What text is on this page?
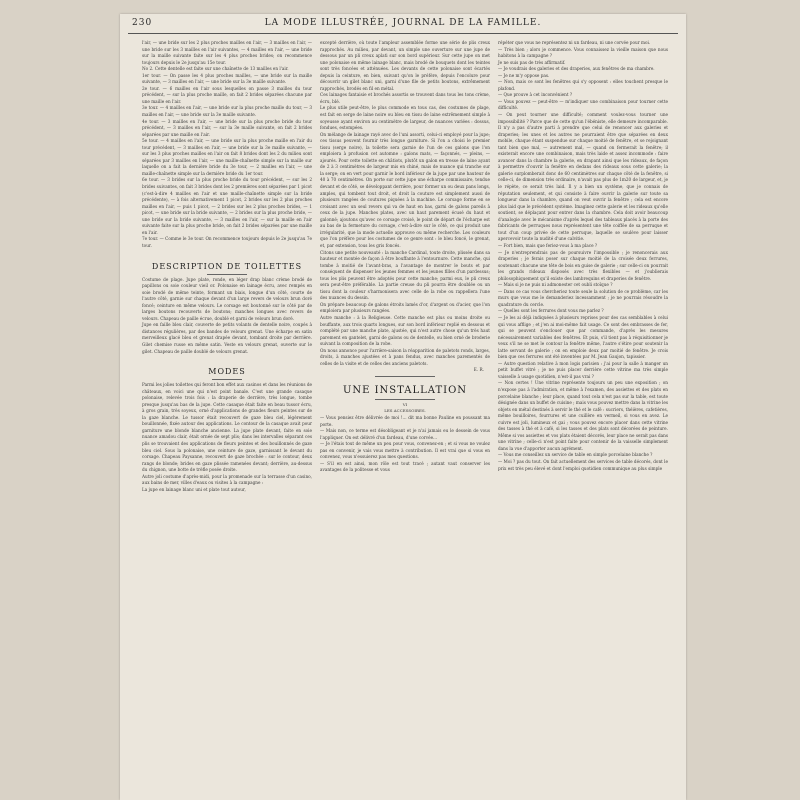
230	LA MODE ILLUSTRÉE, JOURNAL DE LA FAMILLE.

l'air, — une bride sur les 2 plus proches mailles en l'air, — 3 mailles en l'air, — une bride sur les 3 mailles en l'air suivantes, — 4 mailles en l'air, — une bride sur la maille suivante faite sur les 4 plus proches brides; on recommence toujours depuis le 2e jusqu'au 15e tour.

No 2. Cette dentelle est faite sur une chaînette de 13 mailles en l'air.

1er tour. — On passe les 4 plus proches mailles, — une bride sur la maille suivante, — 3 mailles en l'air, — une bride sur la 3e maille suivante.

2e tour. — 6 mailles en l'air sous lesquelles on passe 3 mailles du tour précédent, — sur la plus proche maille, on fait 2 brides séparées chacune par une maille en l'air.

3e tour. — 4 mailles en l'air, — une bride sur la plus proche maille du tour, — 3 mailles en l'air, — une bride sur la 3e maille suivante.

4e tour. — 3 mailles en l'air, — une bride sur la plus proche bride du tour précédent, — 3 mailles en l'air, — sur la 3e maille suivante, on fait 2 brides séparées par une maille en l'air.

5e tour. — 4 mailles en l'air, — une bride sur la plus proche maille en l'air du tour précédent, — 3 mailles en l'air, — une bride sur la 3e maille suivante, — sur les 3 plus proches mailles en l'air on fait 8 brides dont les 2 du milieu sont séparées par 3 mailles en l'air, — une maille-chaînette simple sur la maille sur laquelle on a fait la dernière bride du 3e tour, — 2 mailles en l'air, — une maille-chaînette simple sur la dernière bride du 1er tour.

6e tour. — 3 brides sur la plus proche bride du tour précédent, — sur les 2 brides suivantes, on fait 3 brides dont les 2 premières sont séparées par 1 picot (c'est-à-dire 4 mailles en l'air et une maille-chaînette simple sur la bride précédente), — à fois alternativement 1 picot, 2 brides sur les 2 plus proches mailles en l'air, — puis 1 picot, — 2 brides sur les 2 plus proches brides, — 1 picot, — une bride sur la bride suivante, — 2 brides sur la plus proche bride, — une bride sur la bride suivante, — 3 mailles en l'air, — sur la maille en l'air suivante faite sur la plus proche bride, on fait 2 brides séparées par une maille en l'air.

7e tour. — Comme le 3e tour. On recommence toujours depuis le 2e jusqu'au 7e tour.

DESCRIPTION DE TOILETTES

Costume de plage. Jupe plate, ronde, en léger drap blanc crème brodé de papillons ou soie couleur vieil or. Polonaise en lainage écru, avec rempés en soie brodé de même teinte, formant un biais, longue d'un côté, courte de l'autre côté, garnie sur chaque devant d'un large revers de velours brun doré foncé; ceinture en même velours. Le corsage est boutonné sur le côté par de larges boutons recouverts de boutons; manches longues avec revers de velours. Chapeau de paille écrue, doublé et garni de velours brun doré.

Jupe en faille bleu clair, couverte de petits volants de dentelle noire, coupés à distances régulières, par des bandes de velours grenat. Une écharpe en satin merveilleux glacé bleu et grenat drapée devant, tombant droite par derrière. Gilet chemise russe en même satin. Veste en velours grenat, ouverte sur le gilet. Chapeau de paille doublé de velours grenat.

MODES

Parmi les jolies toilettes qui feront bon effet aux casinos et dans les réunions de châteaux, en voici une qui n'est point banale. C'est une grande casaque polonaise, relevée trois fois : la draperie de derrière, très longue, tombe presque jusqu'au bas de la jupe. Cette casaque était faite en beau tussor écru, à gros grain, très soyeux, orné d'applications de grandes fleurs peintes sur de la gaze blanche. Le tussor était recouvert de gaze bleu ciel, légèrement bouillonnée, fixée autour des applications. Le contour de la casaque avait pour garniture une blonde blanche ancienne. La jupe plate devant, faite en soie nuance amadou clair, était ornée de sept plis; dans les intervalles séparant ces plis se trouvaient des applications de fleurs peintes et des bouillonnés de gaze bleu ciel. Sous la polonaise, une ceinture de gaze, garnissant le devant du corsage. Chapeau Paysanne, recouvert de gaze brochée : sur le contour, deux rangs de blonde; brides en gaze plissée ramenées devant; derrière, au-dessus du chignon, une botte de trèfle posée droite.

Autre joli costume d'après-midi, pour la promenade sur la terrasse d'un casino, aux bains de mer, villes d'eaux ou visites à la campagne :

La jupe en lainage blanc uni et plate tout autour,

excepté derrière, où toute l'ampleur assemblée forme une série de plis creux rapprochés. Au milieu, par devant, un simple une ouverture sur une jupe de dessous par un pli creux aplati sur son bord supérieur. Sur cette jupe on met une polonaise en même lainage blanc, mais brodé de bouquets dont les teintes sont très foncées et atténuées. Les devants de cette polonaise sont écartés depuis la ceinture, en bien, suivant qu'on le préfère, depuis l'encolure pour découvrir un gilet blanc uni, garni d'une file de petits boutons, extrêmement rapprochés, brodés en fil en métal.

Ces lainages fantaisie et brochés assortis se trouvent dans tous les tons crème, écru, blé.

Le plus utile peut-être, le plus commode en tous cas, des costumes de plage, est fait en serge de laine noire ou bleu en tissu de laine extrêmement simple à soyeusse ayant environ au centimètre de largeur, de nuances variées : dossus, fondues, estompées.

On mélange de lainage rayé avec de l'uni assorti, celui-ci employé pour la jupe; ces tissus peuvent fournir très longue garniture. Si l'on a choisi le premier tissu (serge noire), la toilette sera garnie de l'un de ces galons que l'on emploiera à profusion cet automne : galons mats, — façonnés, — pleins, — ajourés. Pour cette toilette en châtiots, plutôt un galon en tresse de laine ayant de 2 à 3 centimètres de largeur mis en chiné, mais de nuance qui tranche sur la serge; on en vert pour garnir le bord inférieur de la jupe par une hauteur de 40 à 70 centimètres. On porte sur cette jupe une écharpe commissaire, tendue devant et de côté, se développant derrière, pour former un ou deux pans longs, amples, qui tombent tout droit, et droit la couture est simplement aussi de plusieurs rangées de coutures piquées à la machine. Le corsage forme en se croisant avec un seul revers qui va de haut en bas, garni de galons pareils à ceux de la jupe. Manches plates, avec un haut parement écusé du haut et galonné; ajoutons qu'avec ce corsage croisé, le point de départ de l'écharpe est au bas de la fermeture du corsage, c'est-à-dire sur le côté, ce qui produit une irrégularité, que la mode actuelle approuve ou même recherche. Les couleurs que l'on préfère pour les costumes de ce genre sont : le bleu foncé, le grenat, et, par extension, tous les gris foncés.

Citons une petite nouveauté : la manche Cardinal, toute droite, plissée dans sa hauteur et montée de façon à être bouffante à l'entournure. Cette manche, qui tombe à moitié de l'avant-bras, a l'avantage de montrer le bouts et par conséquent de dispenser les jeunes femmes et les jeunes filles d'un pardessus; tous les plis peuvent être adoptés pour cette manche; parmi eux, le pli creux sera peut-être préférable. La partie creuse du pli pourra être doublée ou un tissu dont la couleur s'harmonisera avec celle de la robe ou rappellera l'une des nuances du dessin.

On prépare beaucoup de galons étroits lamés d'or, d'argent ou d'acier, que l'on emploiera par plusieurs rangées.

Autre manche : à la Religieuse. Cette manche est plus ou moins droite ou bouffante, aux trois quarts longues, sur son bord inférieur replié en dessous et complété par une manche plate, ajustée, qui n'est autre chose qu'un très haut parement en gantelet, garni de galons ou de dentelle, ou bien orné de broderie suivant la composition de la robe.

On nous annonce pour l'arrière-saison la réapparition de paletots ronds, larges, droits, à manches ajustées et à pans fendus, avec manches parementés de celles de la visite et de celles des anciens paletots.

E. R.

UNE INSTALLATION

VI

LES ACCESSOIRES.

— Vous pensiez être délivrée de moi !... dit ma bonne Pauline en poussant ma porte.

— Mais non, ce terme est désobligeant et je n'ai jamais eu le dessein de vous l'appliquer. On est délivré d'un fardeau, d'une corvée...

— Je l'étais tout de même un peu pour vous, convenez-en ; et si vous ne voulez pas en convenir, je vais vous mettre à contribution. Il est vrai que si vous en convenez, vous n'essuierez pas mes questions.

— S'il en est ainsi, mon rôle est tout tracé ; autant vaut conserver les avantages de la politesse et vous

répéter que vous ne représentez ni un fardeau, ni une corvée pour moi.

— Très bien ; alors je commence. Vous connaissez la vieille maison que nous habitons à la campagne ?

Je ne suis pas de très affirmatif.

— Je voudrais des galeries et des draperies, aux fenêtres de ma chambre.

— Je ne m'y oppose pas.

— Non, mais ce sont les fenêtres qui s'y opposent : elles touchent presque le plafond.

— Que prouve à cet inconvénient ?

— Vous pouvez — peut-être — m'indiquer une combinaison pour tourner cette difficulté.

— On peut tourner une difficulté; comment voulez-vous tourner une impossibilité ? Parce que de cette qu'un l'ébéniste, elle demeure incomparable. Il n'y a pas d'autre parti à prendre que celui de renoncer aux galeries et draperies; les unes et les autres ne pourraient être que séparées en deux mobile, chaque étant suspendue sur chaque moitié de fenêtre, et se rejoignant tant bien que mal, — autrement mal, — quand on fermerait la fenêtre; il existerait encore une combinaison, mais très laide et assez incommode : faire avancer dans la chambre la galerie, en drapant ainsi que les rideaux, de façon à permettre d'ouvrir la fenêtre en dedans des rideaux sous cette galerie; la galerie surplomberait donc de 60 centimètres sur chaque côté de la fenêtre, si celle-ci, de dimension très ordinaire, n'avait pas plus de 1m20 de largeur, et, je le répète, ce serait très laid. Il y a bien un système, que je connais de réputation seulement, et qui consiste à faire ouvrir la galerie sur toute sa longueur dans la chambre, quand on veut ouvrir la fenêtre ; cela est encore plus laid que le précédent système. Imaginez cette galerie et les rideaux qu'elle soutient, se déplaçant pour entrer dans la chambre. Cela doit avoir beaucoup d'analogie avec le mécanisme d'après lequel des tableaux placés à la porte des fabricants de perruques nous représentent une tête coiffée de sa perruque et tout d'un coup privée de cette perruque, laquelle se soulève pour laisser apercevoir toute la nudité d'une calvitie.

— Fort bien, mais que feriez-vous à ma place ?

— Je n'entreprendrais pas de poursuivre l'impossible ; je renoncerais aux draperies ; je ferais poser sur chaque moitié de la croisée deux ferrures, soutenant chacune une tête de bois en guise de galerie ; sur celle-ci on pourrait les grands rideaux disposés avec très flexibles — et j'oublierais philosophiquement qu'il existe des lambrequins et draperies de fenêtre.

— Mais si je ne puis ni admonester cet oubli stoïque ?

— Dans ce cas vous chercheriez toute seule la solution de ce problème, car les murs que vous me le demanderiez incessamment ; je ne pourrais résoudre la quadrature du cercle.

— Quelles sont les ferrures dont vous me parlez ?

— Je les ai déjà indiquées à plusieurs reprises pour des cas semblables à celui qui vous afflige ; et j'en ai moi-même fait usage. Ce sont des embrasses de fer, qui se peuvent s'enclouer que par commande, d'après les mesures nécessairement variables des fenêtres. Et puis, s'il tient pas à réquisitionner je veux s'il ne se met le contour la fenêtre même, l'autre s'étire pour soutenir la latte servant de galerie ; on en emploie deux par moitié de fenêtre. Je crois bien que ces ferrures ont été inventées par M. Jean Gaujon, tapissier.

— Autre question relative à mon logis parisien : j'ai pour la salle à manger un petit buffet vitré ; je ne puis placer derrière cette vitrine ma très simple vaisselle à usage quotidien, n'est-il pas vrai ?

— Non certes ! Une vitrine représente toujours un peu une exposition ; on n'expose pas à l'admiration, et même à l'examen, des assiettes et des plats en porcelaine blanche ; leur place, quand tout cela n'est pas sur la table, est toute désignée dans un buffet de cuisine ; mais vous pouvez mettre dans la vitrine les objets en métal destinés à servir le thé et le café : sucriers, théières, cafetières, même bouilloires, fourrures et une cuillère en vermeil, si vous en avez. Le cuivre est joli, lumineux et gai ; vous pouvez encore placer dans cette vitrine des tasses à thé et à café, si les tasses et des plats sont décorées de peinture. Même si vos assiettes et vos plats étaient décorés, leur place ne serait pas dans une vitrine ; celle-ci n'est point faite pour contenir de la vaisselle simplement dans la vue d'apporter aucun agrément.

— Vous me conseillez un service de table en simple porcelaine blanche ?

— Moi ? pas du tout. On fait actuellement des services de table décorés, dont le prix est très peu élevé et dont l'emploi quotidien communique au plus simple
